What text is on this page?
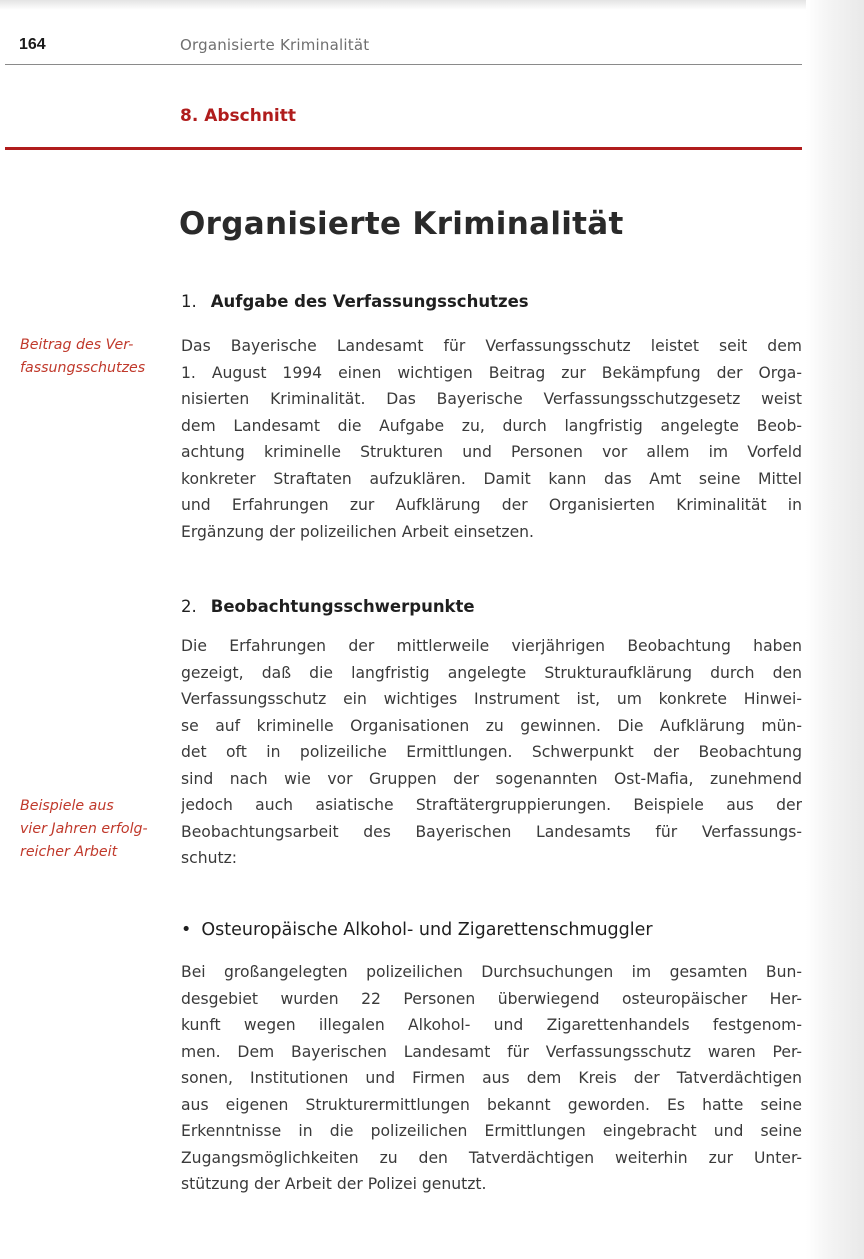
164	Organisierte Kriminalität
8. Abschnitt
Organisierte Kriminalität
1. Aufgabe des Verfassungsschutzes
Beitrag des Ver-
fassungsschutzes
Das Bayerische Landesamt für Verfassungsschutz leistet seit dem
1. August 1994 einen wichtigen Beitrag zur Bekämpfung der Orga-
nisierten Kriminalität. Das Bayerische Verfassungsschutzgesetz weist
dem Landesamt die Aufgabe zu, durch langfristig angelegte Beob-
achtung kriminelle Strukturen und Personen vor allem im Vorfeld
konkreter Straftaten aufzuklären. Damit kann das Amt seine Mittel
und Erfahrungen zur Aufklärung der Organisierten Kriminalität in
Ergänzung der polizeilichen Arbeit einsetzen.
2. Beobachtungsschwerpunkte
Die Erfahrungen der mittlerweile vierjährigen Beobachtung haben
gezeigt, daß die langfristig angelegte Strukturaufklärung durch den
Verfassungsschutz ein wichtiges Instrument ist, um konkrete Hinwei-
se auf kriminelle Organisationen zu gewinnen. Die Aufklärung mün-
det oft in polizeiliche Ermittlungen. Schwerpunkt der Beobachtung
sind nach wie vor Gruppen der sogenannten Ost-Mafia, zunehmend
jedoch auch asiatische Straftätergruppierungen. Beispiele aus der
Beobachtungsarbeit des Bayerischen Landesamts für Verfassungs-
schutz:
Beispiele aus
vier Jahren erfolg-
reicher Arbeit
• Osteuropäische Alkohol- und Zigarettenschmuggler
Bei großangelegten polizeilichen Durchsuchungen im gesamten Bun-
desgebiet wurden 22 Personen überwiegend osteuropäischer Her-
kunft wegen illegalen Alkohol- und Zigarettenhandels festgenom-
men. Dem Bayerischen Landesamt für Verfassungsschutz waren Per-
sonen, Institutionen und Firmen aus dem Kreis der Tatverdächtigen
aus eigenen Strukturermittlungen bekannt geworden. Es hatte seine
Erkenntnisse in die polizeilichen Ermittlungen eingebracht und seine
Zugangsmöglichkeiten zu den Tatverdächtigen weiterhin zur Unter-
stützung der Arbeit der Polizei genutzt.
